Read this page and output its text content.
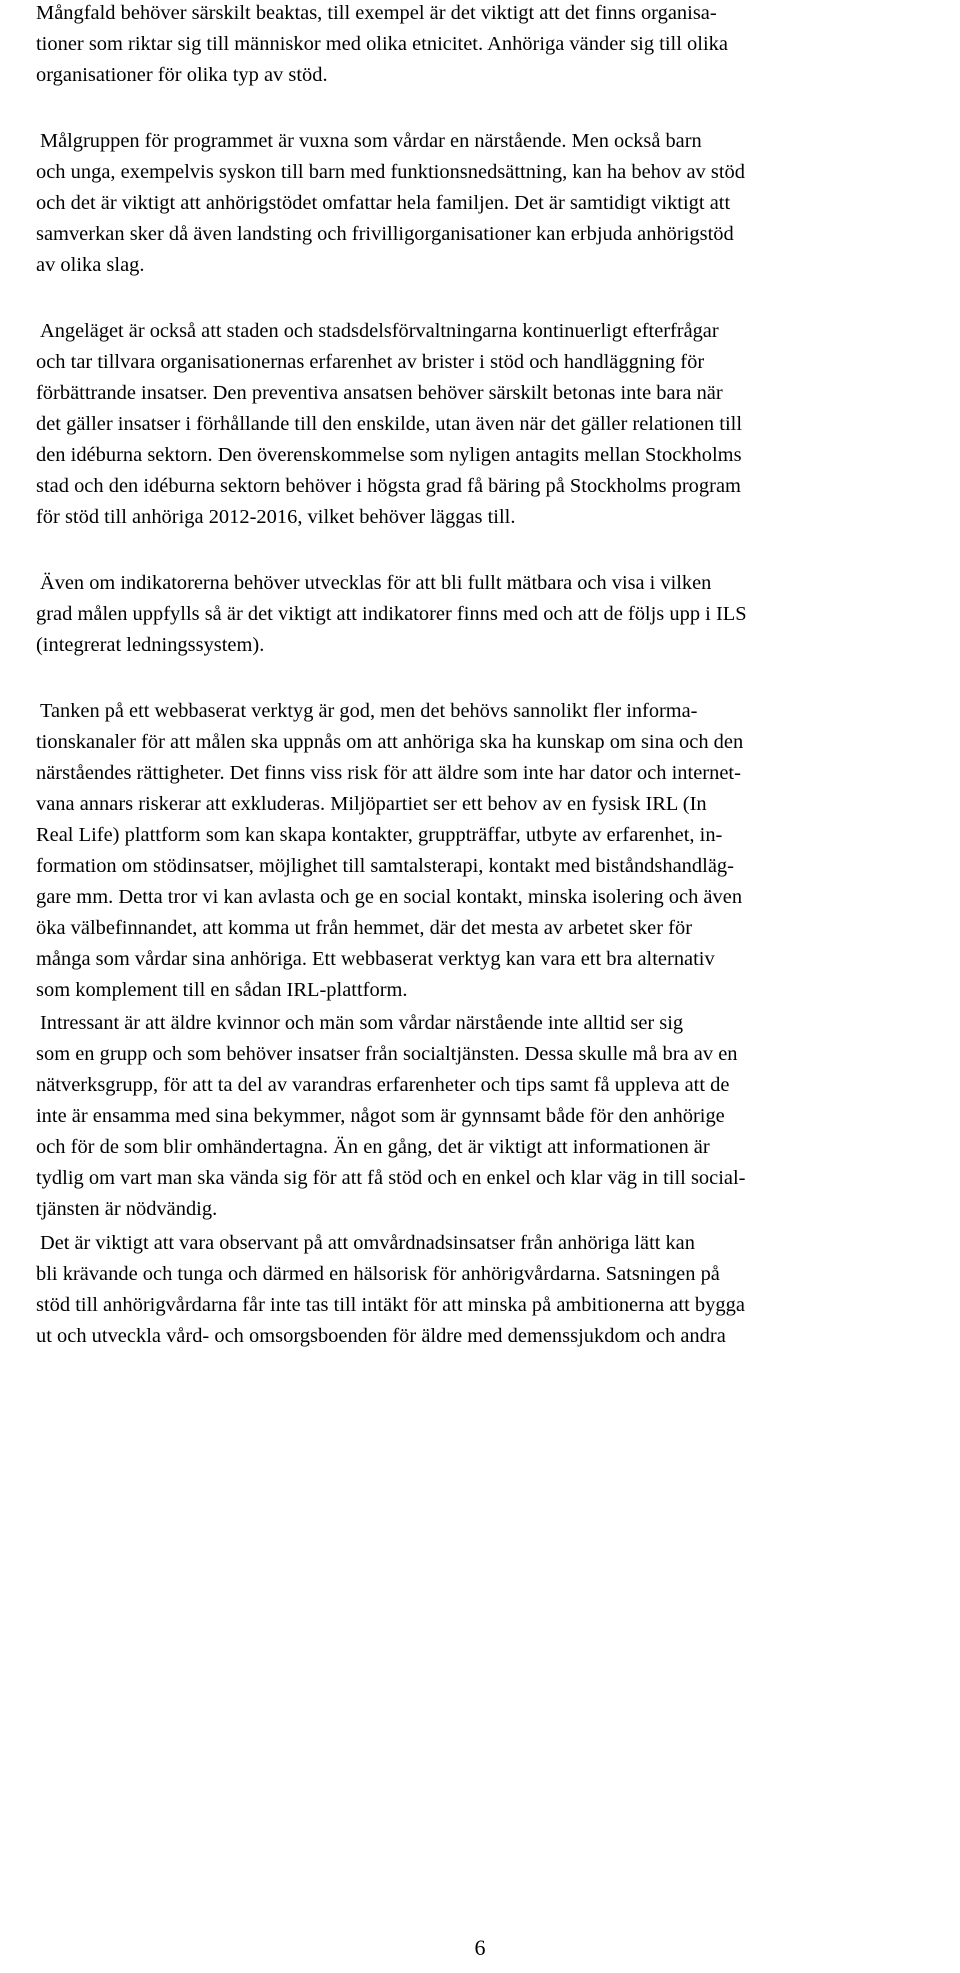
Mångfald behöver särskilt beaktas, till exempel är det viktigt att det finns organisa-
tioner som riktar sig till människor med olika etnicitet. Anhöriga vänder sig till olika
organisationer för olika typ av stöd.
Målgruppen för programmet är vuxna som vårdar en närstående. Men också barn
och unga, exempelvis syskon till barn med funktionsnedsättning, kan ha behov av stöd
och det är viktigt att anhörigstödet omfattar hela familjen. Det är samtidigt viktigt att
samverkan sker då även landsting och frivilligorganisationer kan erbjuda anhörigstöd
av olika slag.
Angeläget är också att staden och stadsdelsförvaltningarna kontinuerligt efterfrågar
och tar tillvara organisationernas erfarenhet av brister i stöd och handläggning för
förbättrande insatser. Den preventiva ansatsen behöver särskilt betonas inte bara när
det gäller insatser i förhållande till den enskilde, utan även när det gäller relationen till
den idéburna sektorn. Den överenskommelse som nyligen antagits mellan Stockholms
stad och den idéburna sektorn behöver i högsta grad få bäring på Stockholms program
för stöd till anhöriga 2012-2016, vilket behöver läggas till.
Även om indikatorerna behöver utvecklas för att bli fullt mätbara och visa i vilken
grad målen uppfylls så är det viktigt att indikatorer finns med och att de följs upp i ILS
(integrerat ledningssystem).
Tanken på ett webbaserat verktyg är god, men det behövs sannolikt fler informa-
tionskanaler för att målen ska uppnås om att anhöriga ska ha kunskap om sina och den
närståendes rättigheter. Det finns viss risk för att äldre som inte har dator och internet-
vana annars riskerar att exkluderas. Miljöpartiet ser ett behov av en fysisk IRL (In
Real Life) plattform som kan skapa kontakter, gruppträffar, utbyte av erfarenhet, in-
formation om stödinsatser, möjlighet till samtalsterapi, kontakt med biståndshandläg-
gare mm. Detta tror vi kan avlasta och ge en social kontakt, minska isolering och även
öka välbefinnandet, att komma ut från hemmet, där det mesta av arbetet sker för
många som vårdar sina anhöriga. Ett webbaserat verktyg kan vara ett bra alternativ
som komplement till en sådan IRL-plattform.
Intressant är att äldre kvinnor och män som vårdar närstående inte alltid ser sig
som en grupp och som behöver insatser från socialtjänsten. Dessa skulle må bra av en
nätverksgrupp, för att ta del av varandras erfarenheter och tips samt få uppleva att de
inte är ensamma med sina bekymmer, något som är gynnsamt både för den anhörige
och för de som blir omhändertagna. Än en gång, det är viktigt att informationen är
tydlig om vart man ska vända sig för att få stöd och en enkel och klar väg in till social-
tjänsten är nödvändig.
Det är viktigt att vara observant på att omvårdnadsinsatser från anhöriga lätt kan
bli krävande och tunga och därmed en hälsorisk för anhörigvårdarna. Satsningen på
stöd till anhörigvårdarna får inte tas till intäkt för att minska på ambitionerna att bygga
ut och utveckla vård- och omsorgsboenden för äldre med demenssjukdom och andra
6
